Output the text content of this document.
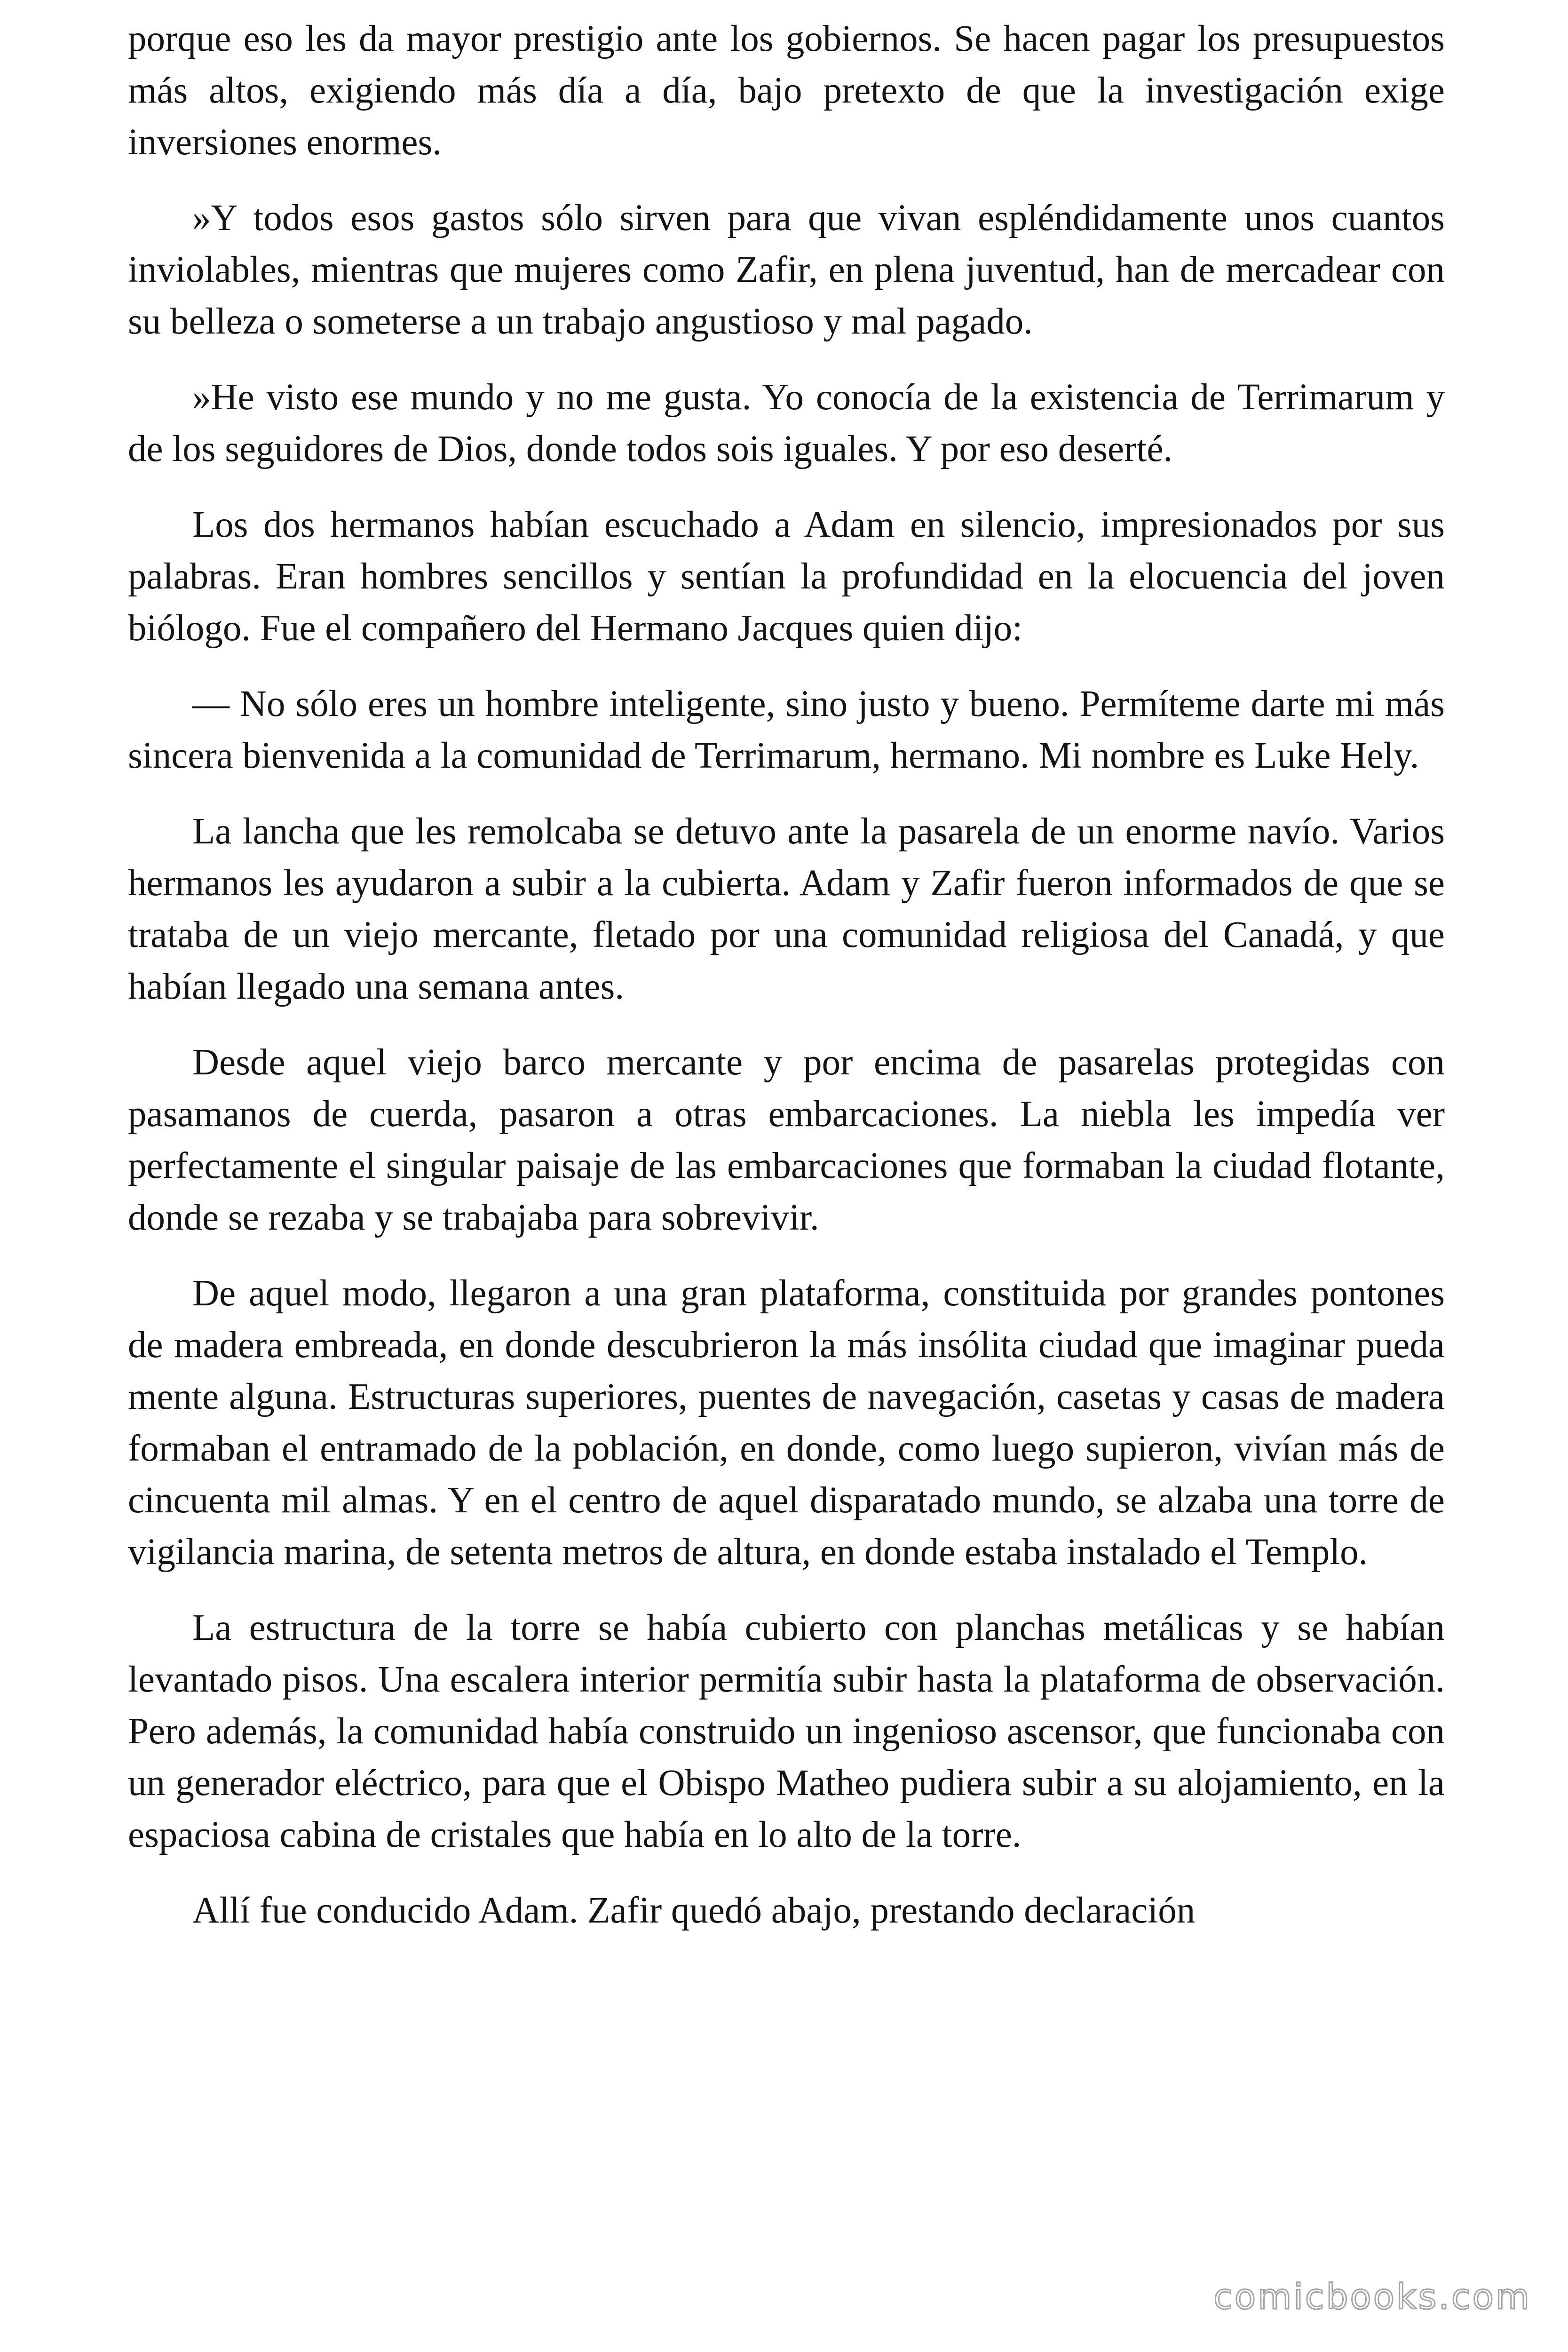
porque eso les da mayor prestigio ante los gobiernos. Se hacen pagar los presupuestos más altos, exigiendo más día a día, bajo pretexto de que la investigación exige inversiones enormes.

»Y todos esos gastos sólo sirven para que vivan espléndidamente unos cuantos inviolables, mientras que mujeres como Zafir, en plena juventud, han de mercadear con su belleza o someterse a un trabajo angustioso y mal pagado.

»He visto ese mundo y no me gusta. Yo conocía de la existencia de Terrimarum y de los seguidores de Dios, donde todos sois iguales. Y por eso deserté.

Los dos hermanos habían escuchado a Adam en silencio, impresionados por sus palabras. Eran hombres sencillos y sentían la profundidad en la elocuencia del joven biólogo. Fue el compañero del Hermano Jacques quien dijo:

— No sólo eres un hombre inteligente, sino justo y bueno. Permíteme darte mi más sincera bienvenida a la comunidad de Terrimarum, hermano. Mi nombre es Luke Hely.

La lancha que les remolcaba se detuvo ante la pasarela de un enorme navío. Varios hermanos les ayudaron a subir a la cubierta. Adam y Zafir fueron informados de que se trataba de un viejo mercante, fletado por una comunidad religiosa del Canadá, y que habían llegado una semana antes.

Desde aquel viejo barco mercante y por encima de pasarelas protegidas con pasamanos de cuerda, pasaron a otras embarcaciones. La niebla les impedía ver perfectamente el singular paisaje de las embarcaciones que formaban la ciudad flotante, donde se rezaba y se trabajaba para sobrevivir.

De aquel modo, llegaron a una gran plataforma, constituida por grandes pontones de madera embreada, en donde descubrieron la más insólita ciudad que imaginar pueda mente alguna. Estructuras superiores, puentes de navegación, casetas y casas de madera formaban el entramado de la población, en donde, como luego supieron, vivían más de cincuenta mil almas. Y en el centro de aquel disparatado mundo, se alzaba una torre de vigilancia marina, de setenta metros de altura, en donde estaba instalado el Templo.

La estructura de la torre se había cubierto con planchas metálicas y se habían levantado pisos. Una escalera interior permitía subir hasta la plataforma de observación. Pero además, la comunidad había construido un ingenioso ascensor, que funcionaba con un generador eléctrico, para que el Obispo Matheo pudiera subir a su alojamiento, en la espaciosa cabina de cristales que había en lo alto de la torre.

Allí fue conducido Adam. Zafir quedó abajo, prestando declaración

comicbooks.com
